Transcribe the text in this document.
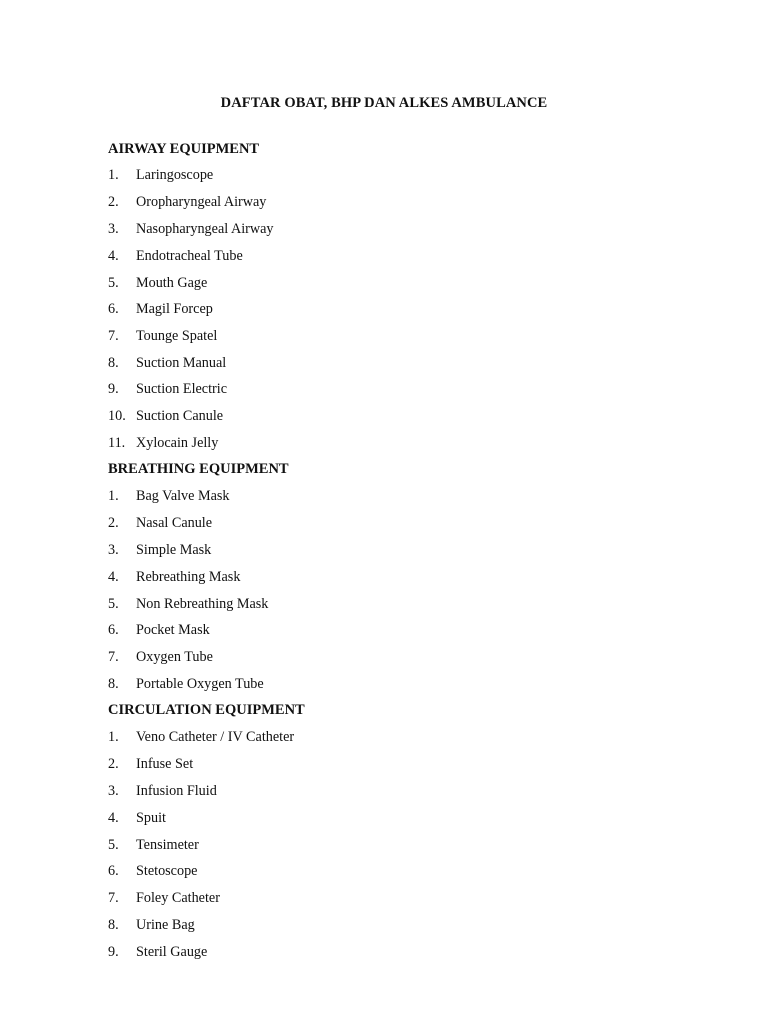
DAFTAR OBAT, BHP DAN ALKES AMBULANCE
AIRWAY EQUIPMENT
1. Laringoscope
2. Oropharyngeal Airway
3. Nasopharyngeal Airway
4. Endotracheal Tube
5. Mouth Gage
6. Magil Forcep
7. Tounge Spatel
8. Suction Manual
9. Suction Electric
10. Suction Canule
11. Xylocain Jelly
BREATHING EQUIPMENT
1. Bag Valve Mask
2. Nasal Canule
3. Simple Mask
4. Rebreathing Mask
5. Non Rebreathing Mask
6. Pocket Mask
7. Oxygen Tube
8. Portable Oxygen Tube
CIRCULATION EQUIPMENT
1. Veno Catheter / IV Catheter
2. Infuse Set
3. Infusion Fluid
4. Spuit
5. Tensimeter
6. Stetoscope
7. Foley Catheter
8. Urine Bag
9. Steril Gauge
